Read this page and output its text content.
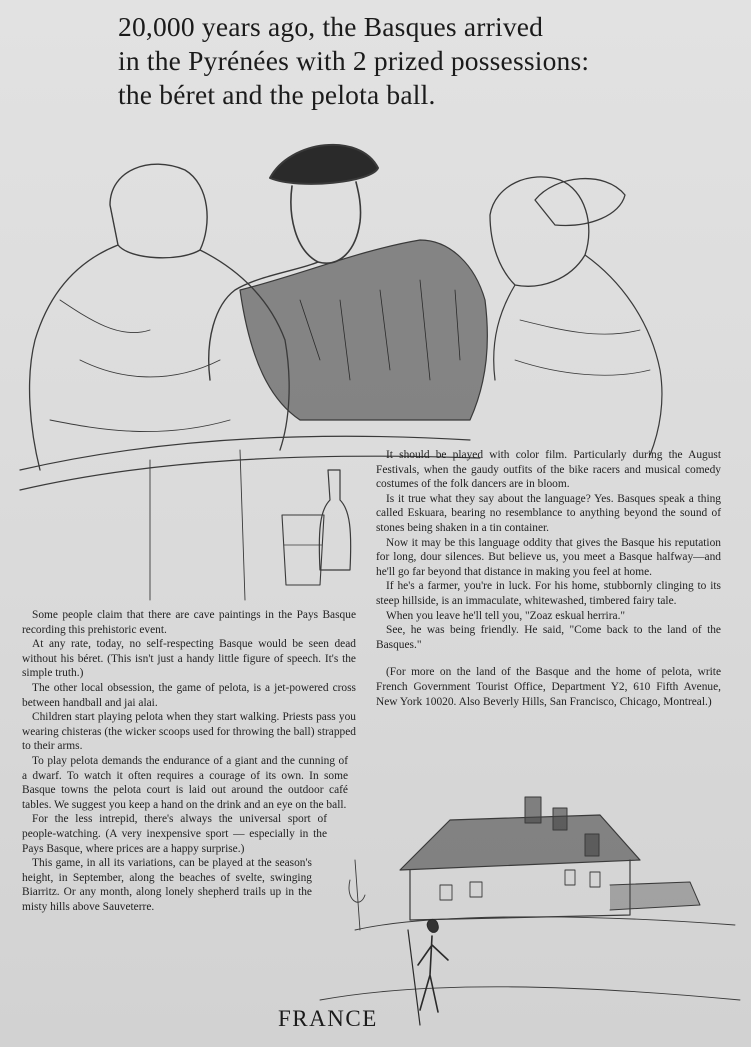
20,000 years ago, the Basques arrived
in the Pyrénées with 2 prized possessions:
the béret and the pelota ball.

Some people claim that there are cave paintings in the Pays Basque recording this prehistoric event.

At any rate, today, no self-respecting Basque would be seen dead without his béret. (This isn't just a handy little figure of speech. It's the simple truth.)

The other local obsession, the game of pelota, is a jet-powered cross between handball and jai alai.

Children start playing pelota when they start walking. Priests pass you wearing chisteras (the wicker scoops used for throwing the ball) strapped to their arms.

To play pelota demands the endurance of a giant and the cunning of a dwarf. To watch it often requires a courage of its own. In some Basque towns the pelota court is laid out around the outdoor café tables. We suggest you keep a hand on the drink and an eye on the ball.

For the less intrepid, there's always the universal sport of people-watching. (A very inexpensive sport — especially in the Pays Basque, where prices are a happy surprise.)

This game, in all its variations, can be played at the season's height, in September, along the beaches of svelte, swinging Biarritz. Or any month, along lonely shepherd trails up in the misty hills above Sauveterre.

It should be played with color film. Particularly during the August Festivals, when the gaudy outfits of the bike racers and musical comedy costumes of the folk dancers are in bloom.

Is it true what they say about the language? Yes. Basques speak a thing called Eskuara, bearing no resemblance to anything beyond the sound of stones being shaken in a tin container.

Now it may be this language oddity that gives the Basque his reputation for long, dour silences. But believe us, you meet a Basque halfway—and he'll go far beyond that distance in making you feel at home.

If he's a farmer, you're in luck. For his home, stubbornly clinging to its steep hillside, is an immaculate, whitewashed, timbered fairy tale.

When you leave he'll tell you, "Zoaz eskual herrira."

See, he was being friendly. He said, "Come back to the land of the Basques."

(For more on the land of the Basque and the home of pelota, write French Government Tourist Office, Department Y2, 610 Fifth Avenue, New York 10020. Also Beverly Hills, San Francisco, Chicago, Montreal.)

FRANCE
